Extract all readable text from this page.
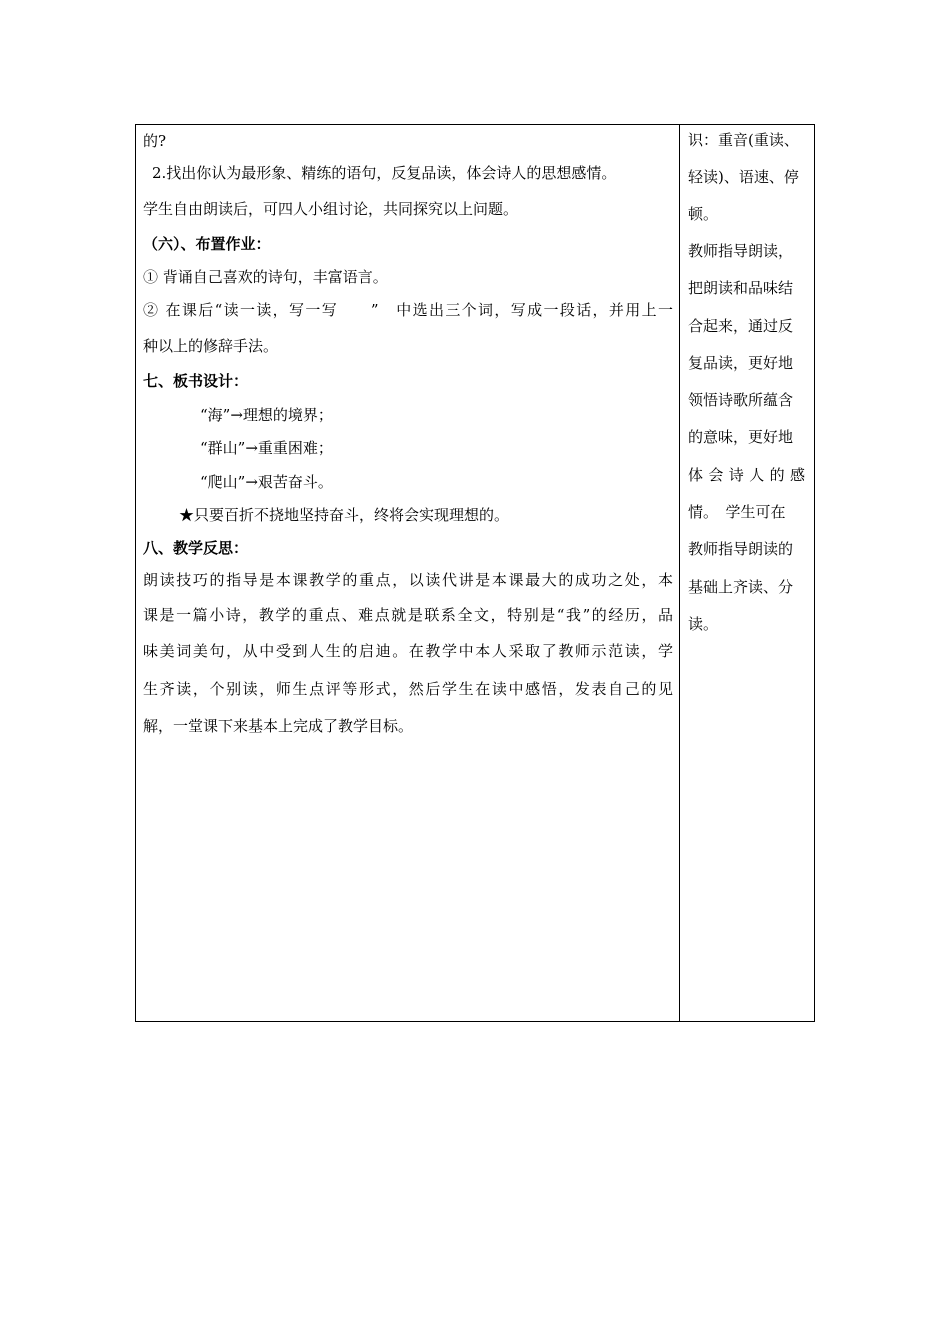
的?
2.找出你认为最形象、精练的语句，反复品读，体会诗人的思想感情。
学生自由朗读后，可四人小组讨论，共同探究以上问题。
（六）、布置作业：
① 背诵自己喜欢的诗句，丰富语言。
② 在课后“读一读，写一写　　”　中选出三个词，写成一段话，并用上一
种以上的修辞手法。
七、板书设计：
“海”→理想的境界；
“群山”→重重困难；
“爬山”→艰苦奋斗。
★只要百折不挠地坚持奋斗，终将会实现理想的。
八、教学反思：
朗读技巧的指导是本课教学的重点，以读代讲是本课最大的成功之处，本
课是一篇小诗，教学的重点、难点就是联系全文，特别是“我”的经历，品
味美词美句，从中受到人生的启迪。在教学中本人采取了教师示范读，学
生齐读，个别读，师生点评等形式，然后学生在读中感悟，发表自己的见
解，一堂课下来基本上完成了教学目标。
识：重音(重读、
轻读)、语速、停
顿。
教师指导朗读，
把朗读和品味结
合起来，通过反
复品读，更好地
领悟诗歌所蕴含
的意味，更好地
体会诗人的感
情。　学生可在
教师指导朗读的
基础上齐读、分
读。
